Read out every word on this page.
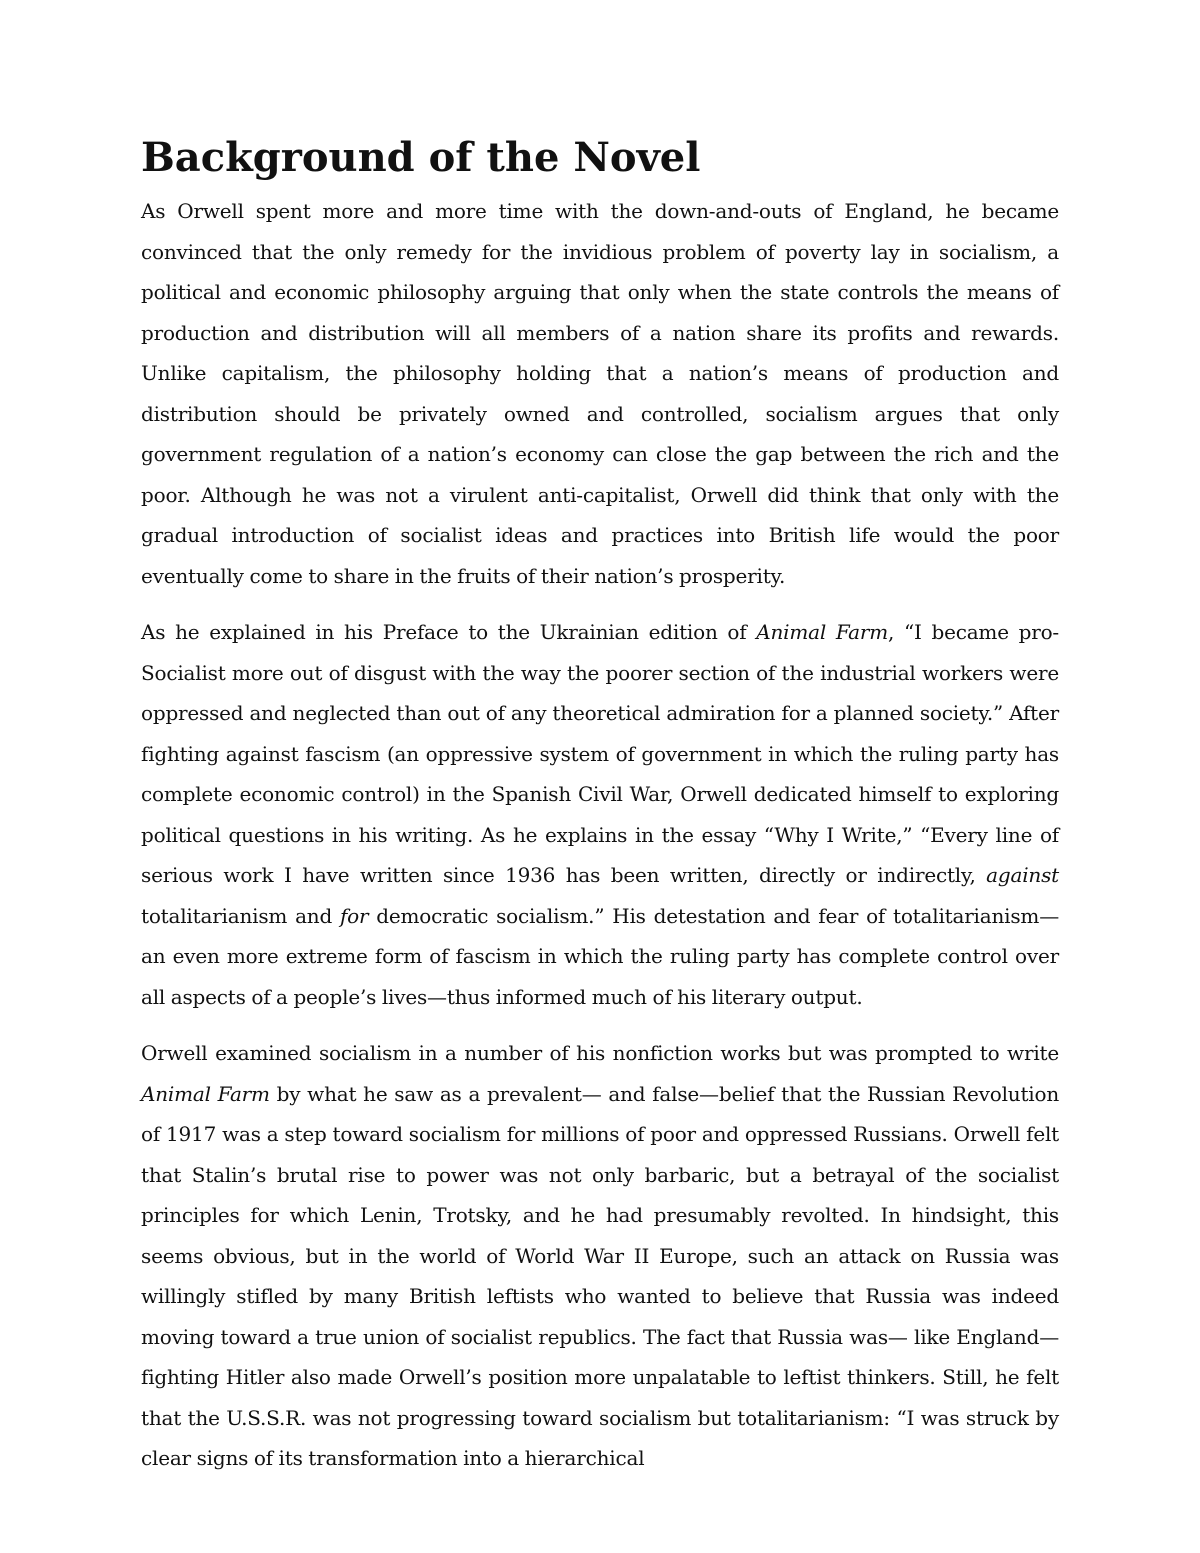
Background of the Novel

As Orwell spent more and more time with the down-and-outs of England, he became convinced that the only remedy for the invidious problem of poverty lay in socialism, a political and economic philosophy arguing that only when the state controls the means of production and distribution will all members of a nation share its profits and rewards. Unlike capitalism, the philosophy holding that a nation’s means of production and distribution should be privately owned and controlled, socialism argues that only government regulation of a nation’s economy can close the gap between the rich and the poor. Although he was not a virulent anti-capitalist, Orwell did think that only with the gradual introduction of socialist ideas and practices into British life would the poor eventually come to share in the fruits of their nation’s prosperity.

As he explained in his Preface to the Ukrainian edition of Animal Farm, “I became pro-Socialist more out of disgust with the way the poorer section of the industrial workers were oppressed and neglected than out of any theoretical admiration for a planned society.” After fighting against fascism (an oppressive system of government in which the ruling party has complete economic control) in the Spanish Civil War, Orwell dedicated himself to exploring political questions in his writing. As he explains in the essay “Why I Write,” “Every line of serious work I have written since 1936 has been written, directly or indirectly, against totalitarianism and for democratic socialism.” His detestation and fear of totalitarianism—an even more extreme form of fascism in which the ruling party has complete control over all aspects of a people’s lives—thus informed much of his literary output.

Orwell examined socialism in a number of his nonfiction works but was prompted to write Animal Farm by what he saw as a prevalent— and false—belief that the Russian Revolution of 1917 was a step toward socialism for millions of poor and oppressed Russians. Orwell felt that Stalin’s brutal rise to power was not only barbaric, but a betrayal of the socialist principles for which Lenin, Trotsky, and he had presumably revolted. In hindsight, this seems obvious, but in the world of World War II Europe, such an attack on Russia was willingly stifled by many British leftists who wanted to believe that Russia was indeed moving toward a true union of socialist republics. The fact that Russia was— like England—fighting Hitler also made Orwell’s position more unpalatable to leftist thinkers. Still, he felt that the U.S.S.R. was not progressing toward socialism but totalitarianism: “I was struck by clear signs of its transformation into a hierarchical
